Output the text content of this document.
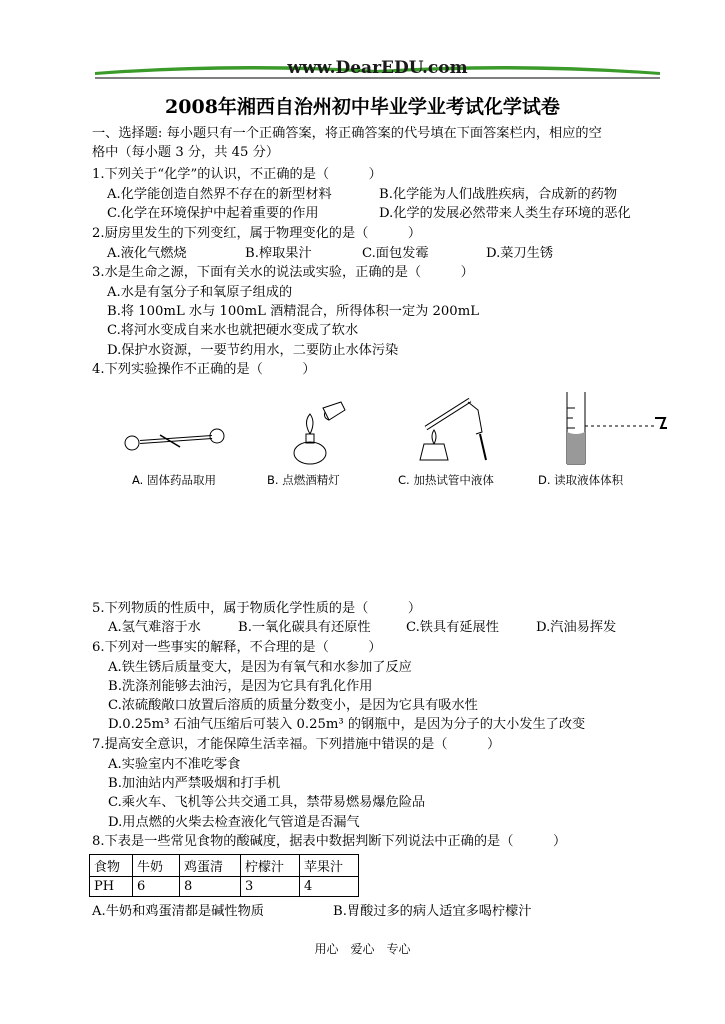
www.DearEDU.com
2008年湘西自治州初中毕业学业考试化学试卷
一、选择题: 每小题只有一个正确答案，将正确答案的代号填在下面答案栏内，相应的空
格中（每小题 3 分，共 45 分）
1.下列关于“化学”的认识，不正确的是（　　　）
A.化学能创造自然界不存在的新型材料	B.化学能为人们战胜疾病，合成新的药物
C.化学在环境保护中起着重要的作用	D.化学的发展必然带来人类生存环境的恶化
2.厨房里发生的下列变红，属于物理变化的是（　　　）
A.液化气燃烧	B.榨取果汁	C.面包发霉	D.菜刀生锈
3.水是生命之源，下面有关水的说法或实验，正确的是（　　　）
A.水是有氢分子和氧原子组成的
B.将 100mL 水与 100mL 酒精混合，所得体积一定为 200mL
C.将河水变成自来水也就把硬水变成了软水
D.保护水资源，一要节约用水，二要防止水体污染
4.下列实验操作不正确的是（　　　）
A. 固体药品取用	B. 点燃酒精灯	C. 加热试管中液体	D. 读取液体体积
5.下列物质的性质中，属于物质化学性质的是（　　　）
A.氢气难溶于水	B.一氧化碳具有还原性	C.铁具有延展性	D.汽油易挥发
6.下列对一些事实的解释，不合理的是（　　　）
A.铁生锈后质量变大，是因为有氧气和水参加了反应
B.洗涤剂能够去油污，是因为它具有乳化作用
C.浓硫酸敞口放置后溶质的质量分数变小，是因为它具有吸水性
D.0.25m³ 石油气压缩后可装入 0.25m³ 的钢瓶中，是因为分子的大小发生了改变
7.提高安全意识，才能保障生活幸福。下列措施中错误的是（　　　）
A.实验室内不准吃零食
B.加油站内严禁吸烟和打手机
C.乘火车、飞机等公共交通工具，禁带易燃易爆危险品
D.用点燃的火柴去检查液化气管道是否漏气
8.下表是一些常见食物的酸碱度，据表中数据判断下列说法中正确的是（　　　）
食物	牛奶	鸡蛋清	柠檬汁	苹果汁
PH	6	8	3	4
A.牛奶和鸡蛋清都是碱性物质	B.胃酸过多的病人适宜多喝柠檬汁
用心　爱心　专心
